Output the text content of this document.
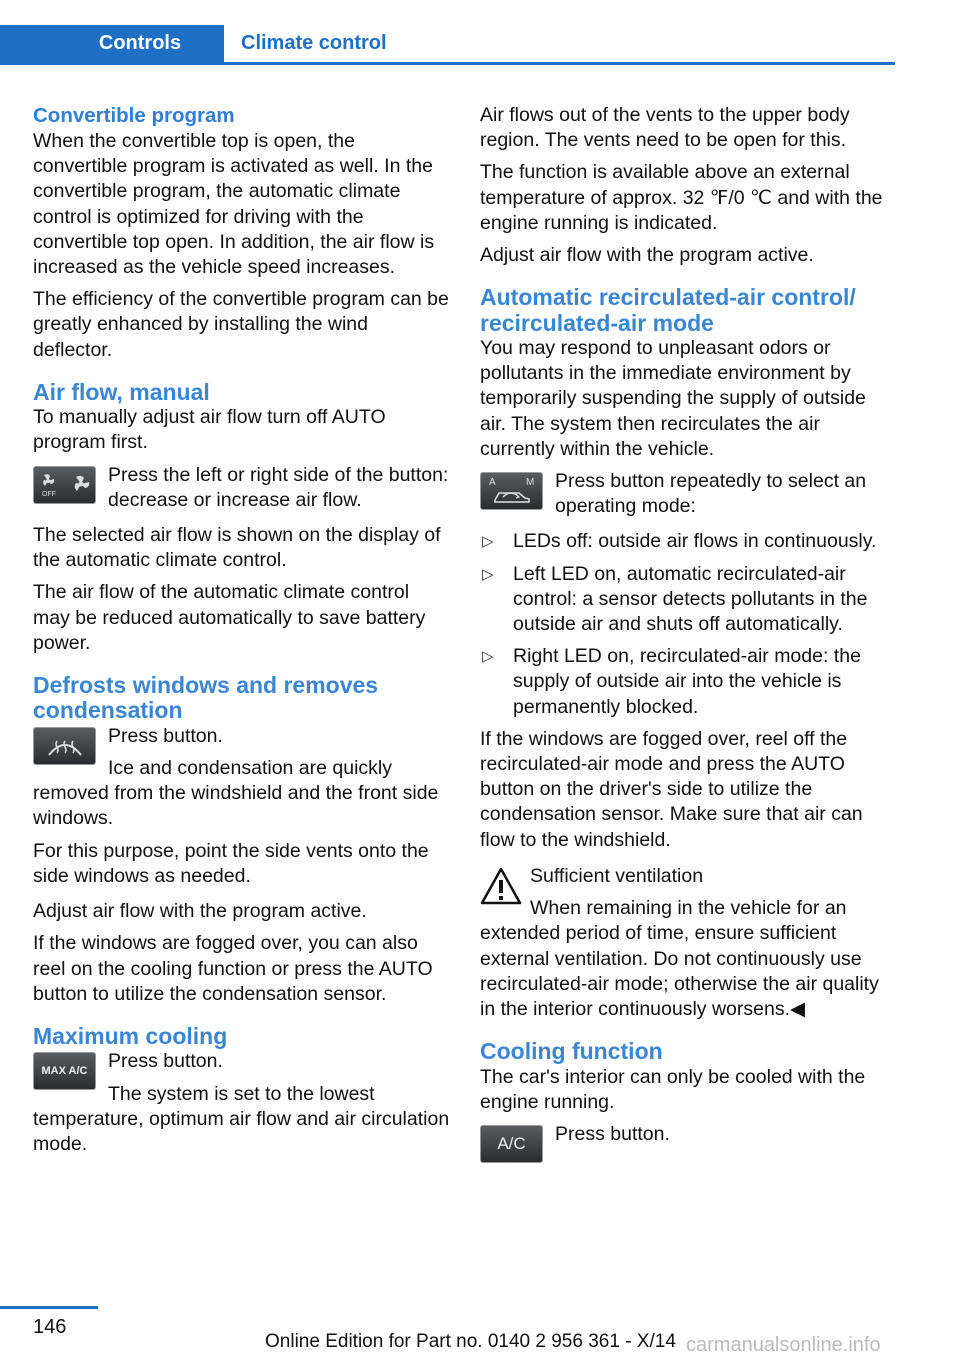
Controls	Climate control
Convertible program

When the convertible top is open, the convertible program is activated as well. In the convertible program, the automatic climate control is optimized for driving with the convertible top open. In addition, the air flow is increased as the vehicle speed increases.

The efficiency of the convertible program can be greatly enhanced by installing the wind deflector.

Air flow, manual

To manually adjust air flow turn off AUTO program first.

OFF
Press the left or right side of the button: decrease or increase air flow.

The selected air flow is shown on the display of the automatic climate control.

The air flow of the automatic climate control may be reduced automatically to save battery power.

Defrosts windows and removes condensation

Press button.

Ice and condensation are quickly removed from the windshield and the front side windows.

For this purpose, point the side vents onto the side windows as needed.

Adjust air flow with the program active.

If the windows are fogged over, you can also reel on the cooling function or press the AUTO button to utilize the condensation sensor.

Maximum cooling
MAX A/C	Press button.

The system is set to the lowest temperature, optimum air flow and air circulation mode.

Air flows out of the vents to the upper body region. The vents need to be open for this.

The function is available above an external temperature of approx. 32 ℉/0 ℃ and with the engine running is indicated.

Adjust air flow with the program active.

Automatic recirculated-air control/ recirculated-air mode

You may respond to unpleasant odors or pollutants in the immediate environment by temporarily suspending the supply of outside air. The system then recirculates the air currently within the vehicle.

A	M Press button repeatedly to select an operating mode:
▷ LEDs off: outside air flows in continuously.
▷ Left LED on, automatic recirculated-air control: a sensor detects pollutants in the outside air and shuts off automatically.
▷ Right LED on, recirculated-air mode: the supply of outside air into the vehicle is permanently blocked.

If the windows are fogged over, reel off the recirculated-air mode and press the AUTO button on the driver's side to utilize the condensation sensor. Make sure that air can flow to the windshield.

Sufficient ventilation

When remaining in the vehicle for an extended period of time, ensure sufficient external ventilation. Do not continuously use recirculated-air mode; otherwise the air quality in the interior continuously worsens.◀

Cooling function

The car's interior can only be cooled with the engine running.

A/C Press button.
146
Online Edition for Part no. 0140 2 956 361 - X/14 carmanualsonline.info
